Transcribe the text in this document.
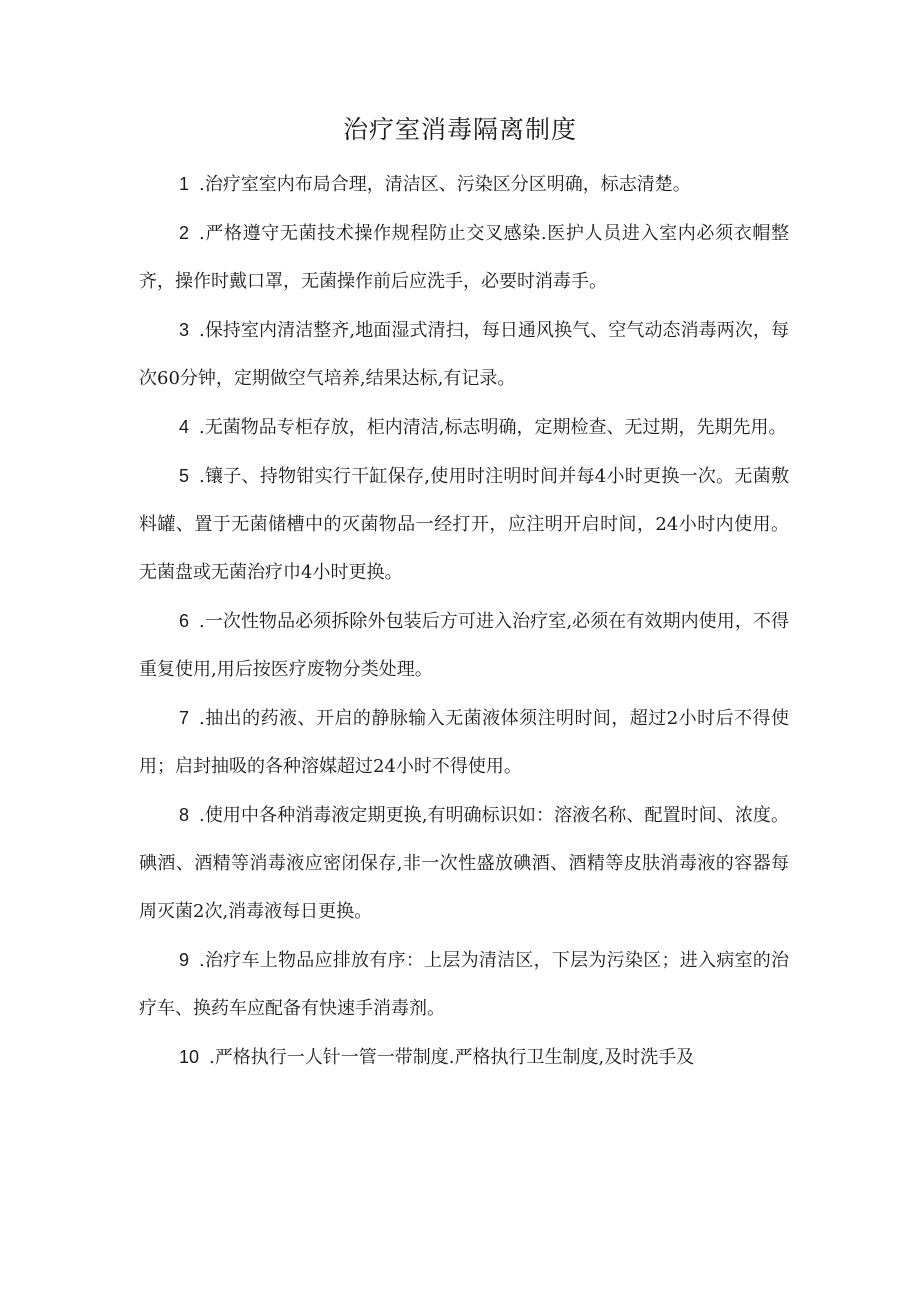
治疗室消毒隔离制度

1 .治疗室室内布局合理，清洁区、污染区分区明确，标志清楚。

2 .严格遵守无菌技术操作规程防止交叉感染.医护人员进入室内必须衣帽整齐，操作时戴口罩，无菌操作前后应洗手，必要时消毒手。

3 .保持室内清洁整齐,地面湿式清扫，每日通风换气、空气动态消毒两次，每次60分钟，定期做空气培养,结果达标,有记录。

4 .无菌物品专柜存放，柜内清洁,标志明确，定期检查、无过期，先期先用。

5 .镶子、持物钳实行干缸保存,使用时注明时间并每4小时更换一次。无菌敷料罐、置于无菌储槽中的灭菌物品一经打开，应注明开启时间，24小时内使用。无菌盘或无菌治疗巾4小时更换。

6 .一次性物品必须拆除外包装后方可进入治疗室,必须在有效期内使用，不得重复使用,用后按医疗废物分类处理。

7 .抽出的药液、开启的静脉输入无菌液体须注明时间，超过2小时后不得使用；启封抽吸的各种溶媒超过24小时不得使用。

8 .使用中各种消毒液定期更换,有明确标识如：溶液名称、配置时间、浓度。碘酒、酒精等消毒液应密闭保存,非一次性盛放碘酒、酒精等皮肤消毒液的容器每周灭菌2次,消毒液每日更换。

9 .治疗车上物品应排放有序：上层为清洁区，下层为污染区；进入病室的治疗车、换药车应配备有快速手消毒剂。

10 .严格执行一人针一管一带制度.严格执行卫生制度,及时洗手及
